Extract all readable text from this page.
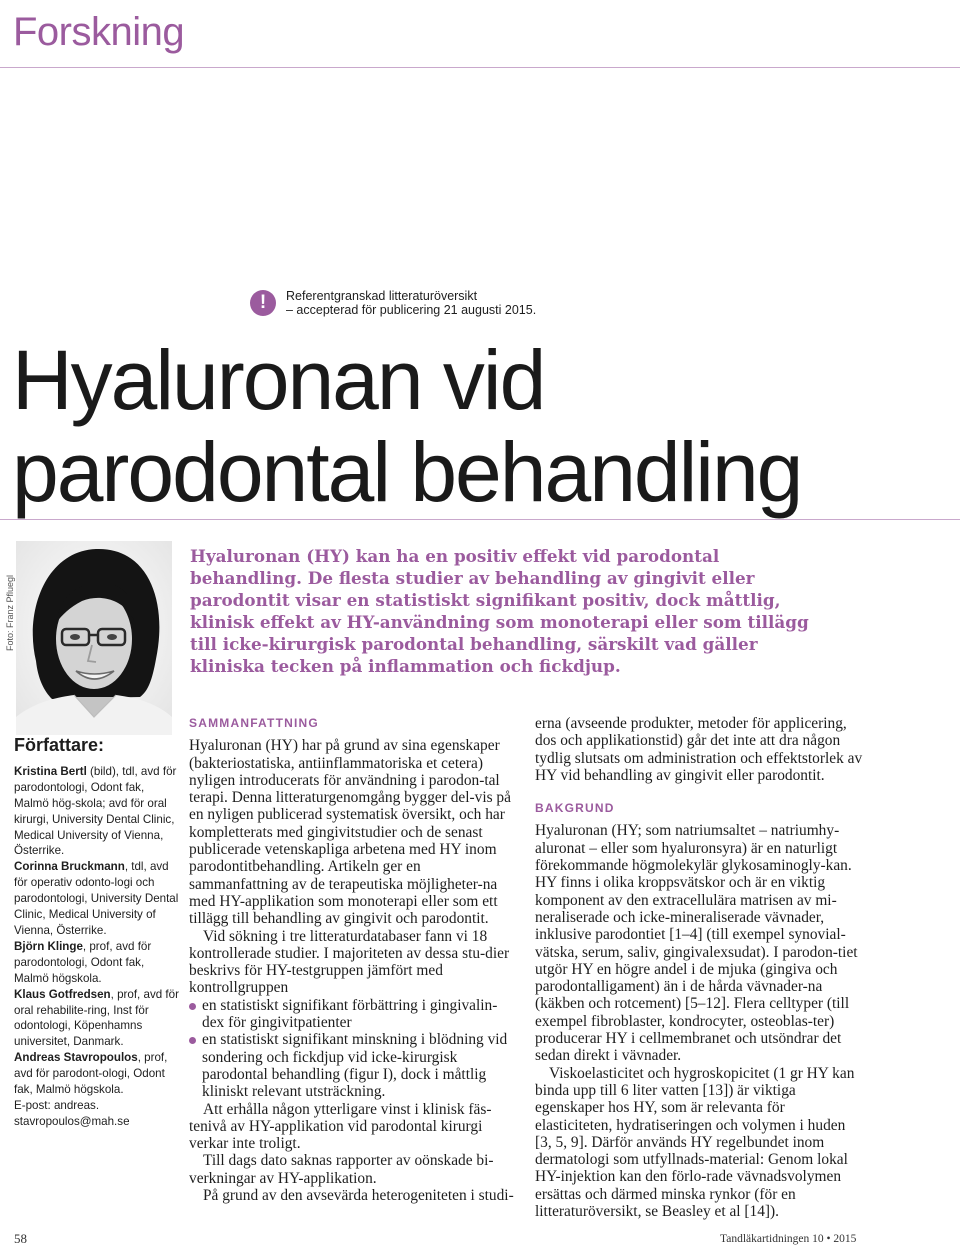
Forskning
!	Referentgranskad litteraturöversikt
– accepterad för publicering 21 augusti 2015.
Hyaluronan vid
parodontal behandling
Foto: Franz Pfluegl
Hyaluronan (HY) kan ha en positiv effekt vid parodontal behandling. De flesta studier av behandling av gingivit eller parodontit visar en statistiskt signifikant positiv, dock måttlig, klinisk effekt av HY-användning som monoterapi eller som tillägg till icke-kirurgisk parodontal behandling, särskilt vad gäller kliniska tecken på inflammation och fickdjup.
Författare:

Kristina Bertl (bild), tdl, avd för parodontologi, Odont fak, Malmö hög-skola; avd för oral kirurgi, University Dental Clinic, Medical University of Vienna, Österrike.

Corinna Bruckmann, tdl, avd för operativ odonto-logi och parodontologi, University Dental Clinic, Medical University of Vienna, Österrike.

Björn Klinge, prof, avd för parodontologi, Odont fak, Malmö högskola.

Klaus Gotfredsen, prof, avd för oral rehabilite-ring, Inst för odontologi, Köpenhamns universitet, Danmark.

Andreas Stavropoulos, prof, avd för parodont-ologi, Odont fak, Malmö högskola.

E-post: andreas. stavropoulos@mah.se

SAMMANFATTNING

Hyaluronan (HY) har på grund av sina egenskaper (bakteriostatiska, antiinflammatoriska et cetera) nyligen introducerats för användning i parodon-tal terapi. Denna litteraturgenomgång bygger del-vis på en nyligen publicerad systematisk översikt, och har kompletterats med gingivitstudier och de senast publicerade vetenskapliga arbetena med HY inom parodontitbehandling. Artikeln ger en sammanfattning av de terapeutiska möjligheter-na med HY-applikation som monoterapi eller som ett tillägg till behandling av gingivit och parodontit.

Vid sökning i tre litteraturdatabaser fann vi 18 kontrollerade studier. I majoriteten av dessa stu-dier beskrivs för HY-testgruppen jämfört med kontrollgruppen

en statistiskt signifikant förbättring i gingivalin-dex för gingivitpatienter
en statistiskt signifikant minskning i blödning vid sondering och fickdjup vid icke-kirurgisk parodontal behandling (figur I), dock i måttlig kliniskt relevant utsträckning.

Att erhålla någon ytterligare vinst i klinisk fäs-tenivå av HY-applikation vid parodontal kirurgi verkar inte troligt.

Till dags dato saknas rapporter av oönskade bi-verkningar av HY-applikation.

På grund av den avsevärda heterogeniteten i studi-

erna (avseende produkter, metoder för applicering, dos och applikationstid) går det inte att dra någon tydlig slutsats om administration och effektstorlek av HY vid behandling av gingivit eller parodontit.

BAKGRUND

Hyaluronan (HY; som natriumsaltet – natriumhy-aluronat – eller som hyaluronsyra) är en naturligt förekommande högmolekylär glykosaminogly-kan. HY finns i olika kroppsvätskor och är en viktig komponent av den extracellulära matrisen av mi-neraliserade och icke-mineraliserade vävnader, inklusive parodontiet [1–4] (till exempel synovial-vätska, serum, saliv, gingivalexsudat). I parodon-tiet utgör HY en högre andel i de mjuka (gingiva och parodontalligament) än i de hårda vävnader-na (käkben och rotcement) [5–12]. Flera celltyper (till exempel fibroblaster, kondrocyter, osteoblas-ter) producerar HY i cellmembranet och utsöndrar det sedan direkt i vävnader.

Viskoelasticitet och hygroskopicitet (1 gr HY kan binda upp till 6 liter vatten [13]) är viktiga egenskaper hos HY, som är relevanta för elasticiteten, hydratiseringen och volymen i huden [3, 5, 9]. Därför används HY regelbundet inom dermatologi som utfyllnads-material: Genom lokal HY-injektion kan den förlo-rade vävnadsvolymen ersättas och därmed minska rynkor (för en litteraturöversikt, se Beasley et al [14]).

58	Tandläkartidningen 10 • 2015
